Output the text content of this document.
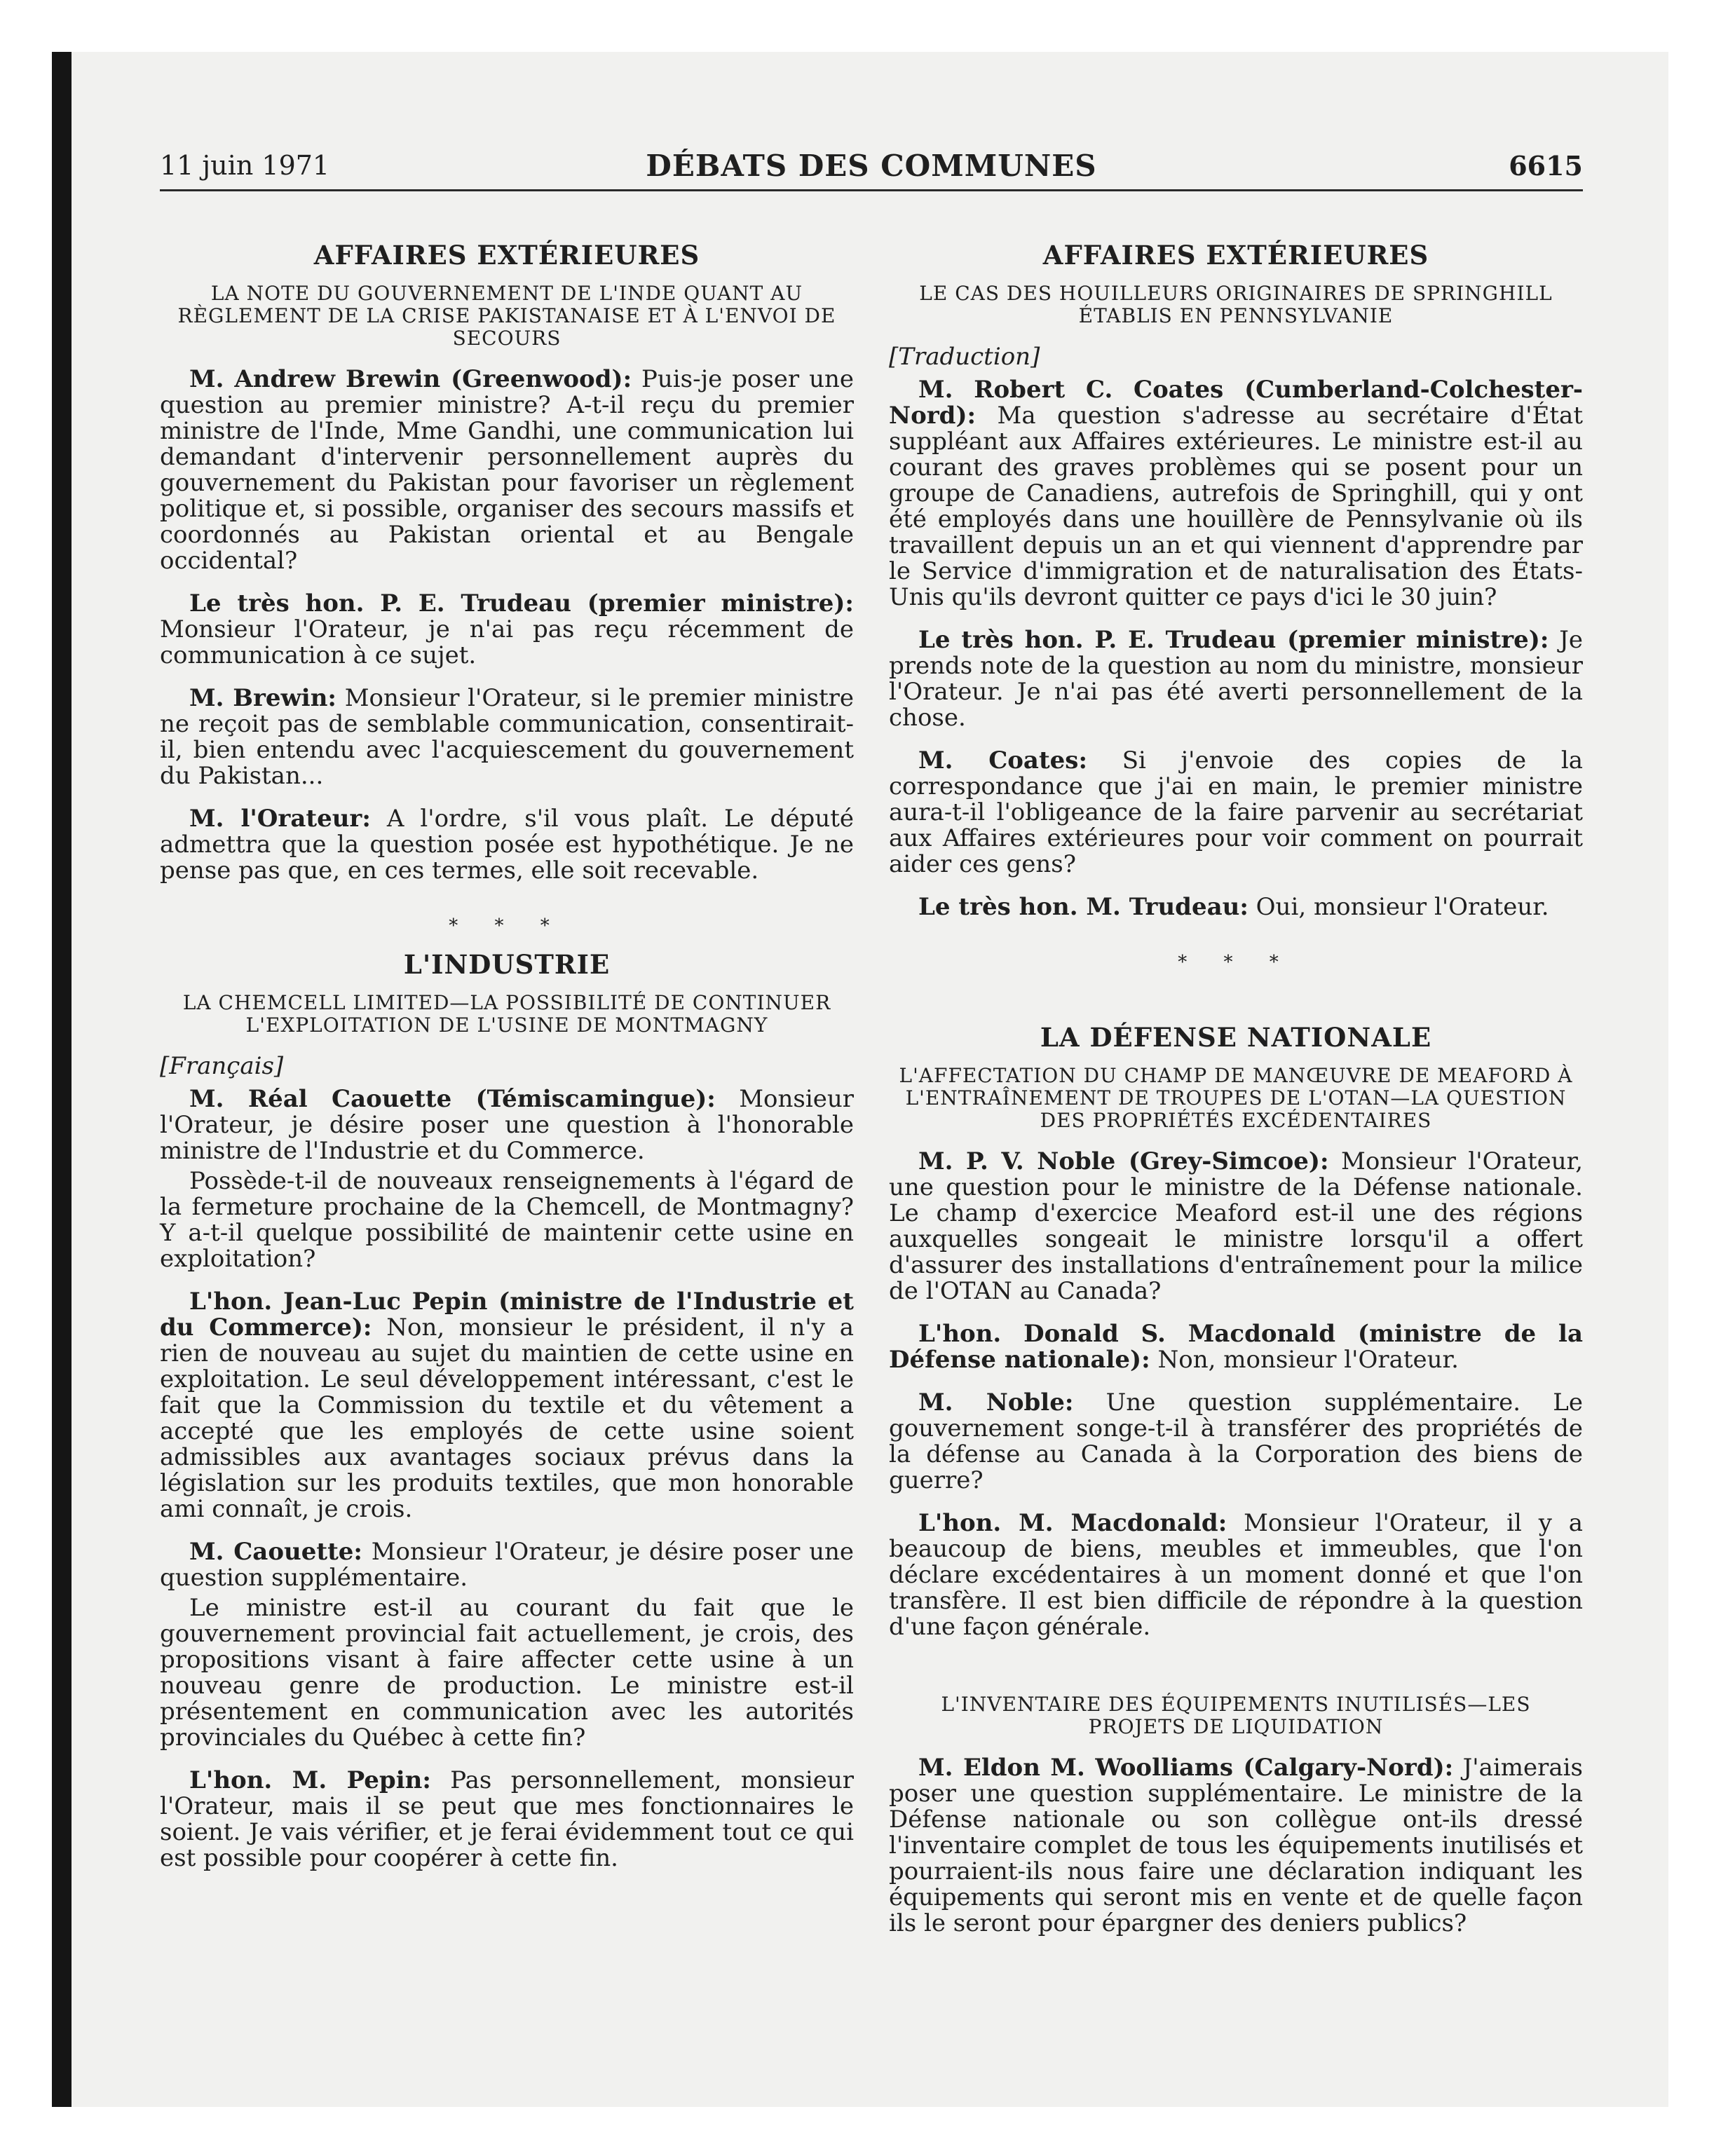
11 juin 1971	DÉBATS DES COMMUNES	6615
AFFAIRES EXTÉRIEURES
LA NOTE DU GOUVERNEMENT DE L'INDE QUANT AU RÈGLEMENT DE LA CRISE PAKISTANAISE ET À L'ENVOI DE SECOURS

M. Andrew Brewin (Greenwood): Puis-je poser une question au premier ministre? A-t-il reçu du premier ministre de l'Inde, Mme Gandhi, une communication lui demandant d'intervenir personnellement auprès du gouvernement du Pakistan pour favoriser un règlement politique et, si possible, organiser des secours massifs et coordonnés au Pakistan oriental et au Bengale occidental?

Le très hon. P. E. Trudeau (premier ministre): Monsieur l'Orateur, je n'ai pas reçu récemment de communication à ce sujet.

M. Brewin: Monsieur l'Orateur, si le premier ministre ne reçoit pas de semblable communication, consentirait-il, bien entendu avec l'acquiescement du gouvernement du Pakistan...

M. l'Orateur: A l'ordre, s'il vous plaît. Le député admettra que la question posée est hypothétique. Je ne pense pas que, en ces termes, elle soit recevable.

* * *
L'INDUSTRIE
LA CHEMCELL LIMITED—LA POSSIBILITÉ DE CONTINUER L'EXPLOITATION DE L'USINE DE MONTMAGNY
[Français]

M. Réal Caouette (Témiscamingue): Monsieur l'Orateur, je désire poser une question à l'honorable ministre de l'Industrie et du Commerce.

Possède-t-il de nouveaux renseignements à l'égard de la fermeture prochaine de la Chemcell, de Montmagny? Y a-t-il quelque possibilité de maintenir cette usine en exploitation?

L'hon. Jean-Luc Pepin (ministre de l'Industrie et du Commerce): Non, monsieur le président, il n'y a rien de nouveau au sujet du maintien de cette usine en exploitation. Le seul développement intéressant, c'est le fait que la Commission du textile et du vêtement a accepté que les employés de cette usine soient admissibles aux avantages sociaux prévus dans la législation sur les produits textiles, que mon honorable ami connaît, je crois.

M. Caouette: Monsieur l'Orateur, je désire poser une question supplémentaire.

Le ministre est-il au courant du fait que le gouvernement provincial fait actuellement, je crois, des propositions visant à faire affecter cette usine à un nouveau genre de production. Le ministre est-il présentement en communication avec les autorités provinciales du Québec à cette fin?

L'hon. M. Pepin: Pas personnellement, monsieur l'Orateur, mais il se peut que mes fonctionnaires le soient. Je vais vérifier, et je ferai évidemment tout ce qui est possible pour coopérer à cette fin.

AFFAIRES EXTÉRIEURES
LE CAS DES HOUILLEURS ORIGINAIRES DE SPRINGHILL ÉTABLIS EN PENNSYLVANIE
[Traduction]

M. Robert C. Coates (Cumberland-Colchester-Nord): Ma question s'adresse au secrétaire d'État suppléant aux Affaires extérieures. Le ministre est-il au courant des graves problèmes qui se posent pour un groupe de Canadiens, autrefois de Springhill, qui y ont été employés dans une houillère de Pennsylvanie où ils travaillent depuis un an et qui viennent d'apprendre par le Service d'immigration et de naturalisation des États-Unis qu'ils devront quitter ce pays d'ici le 30 juin?

Le très hon. P. E. Trudeau (premier ministre): Je prends note de la question au nom du ministre, monsieur l'Orateur. Je n'ai pas été averti personnellement de la chose.

M. Coates: Si j'envoie des copies de la correspondance que j'ai en main, le premier ministre aura-t-il l'obligeance de la faire parvenir au secrétariat aux Affaires extérieures pour voir comment on pourrait aider ces gens?

Le très hon. M. Trudeau: Oui, monsieur l'Orateur.

* * *
LA DÉFENSE NATIONALE
L'AFFECTATION DU CHAMP DE MANŒUVRE DE MEAFORD À L'ENTRAÎNEMENT DE TROUPES DE L'OTAN—LA QUESTION DES PROPRIÉTÉS EXCÉDENTAIRES

M. P. V. Noble (Grey-Simcoe): Monsieur l'Orateur, une question pour le ministre de la Défense nationale. Le champ d'exercice Meaford est-il une des régions auxquelles songeait le ministre lorsqu'il a offert d'assurer des installations d'entraînement pour la milice de l'OTAN au Canada?

L'hon. Donald S. Macdonald (ministre de la Défense nationale): Non, monsieur l'Orateur.

M. Noble: Une question supplémentaire. Le gouvernement songe-t-il à transférer des propriétés de la défense au Canada à la Corporation des biens de guerre?

L'hon. M. Macdonald: Monsieur l'Orateur, il y a beaucoup de biens, meubles et immeubles, que l'on déclare excédentaires à un moment donné et que l'on transfère. Il est bien difficile de répondre à la question d'une façon générale.

L'INVENTAIRE DES ÉQUIPEMENTS INUTILISÉS—LES PROJETS DE LIQUIDATION

M. Eldon M. Woolliams (Calgary-Nord): J'aimerais poser une question supplémentaire. Le ministre de la Défense nationale ou son collègue ont-ils dressé l'inventaire complet de tous les équipements inutilisés et pourraient-ils nous faire une déclaration indiquant les équipements qui seront mis en vente et de quelle façon ils le seront pour épargner des deniers publics?
